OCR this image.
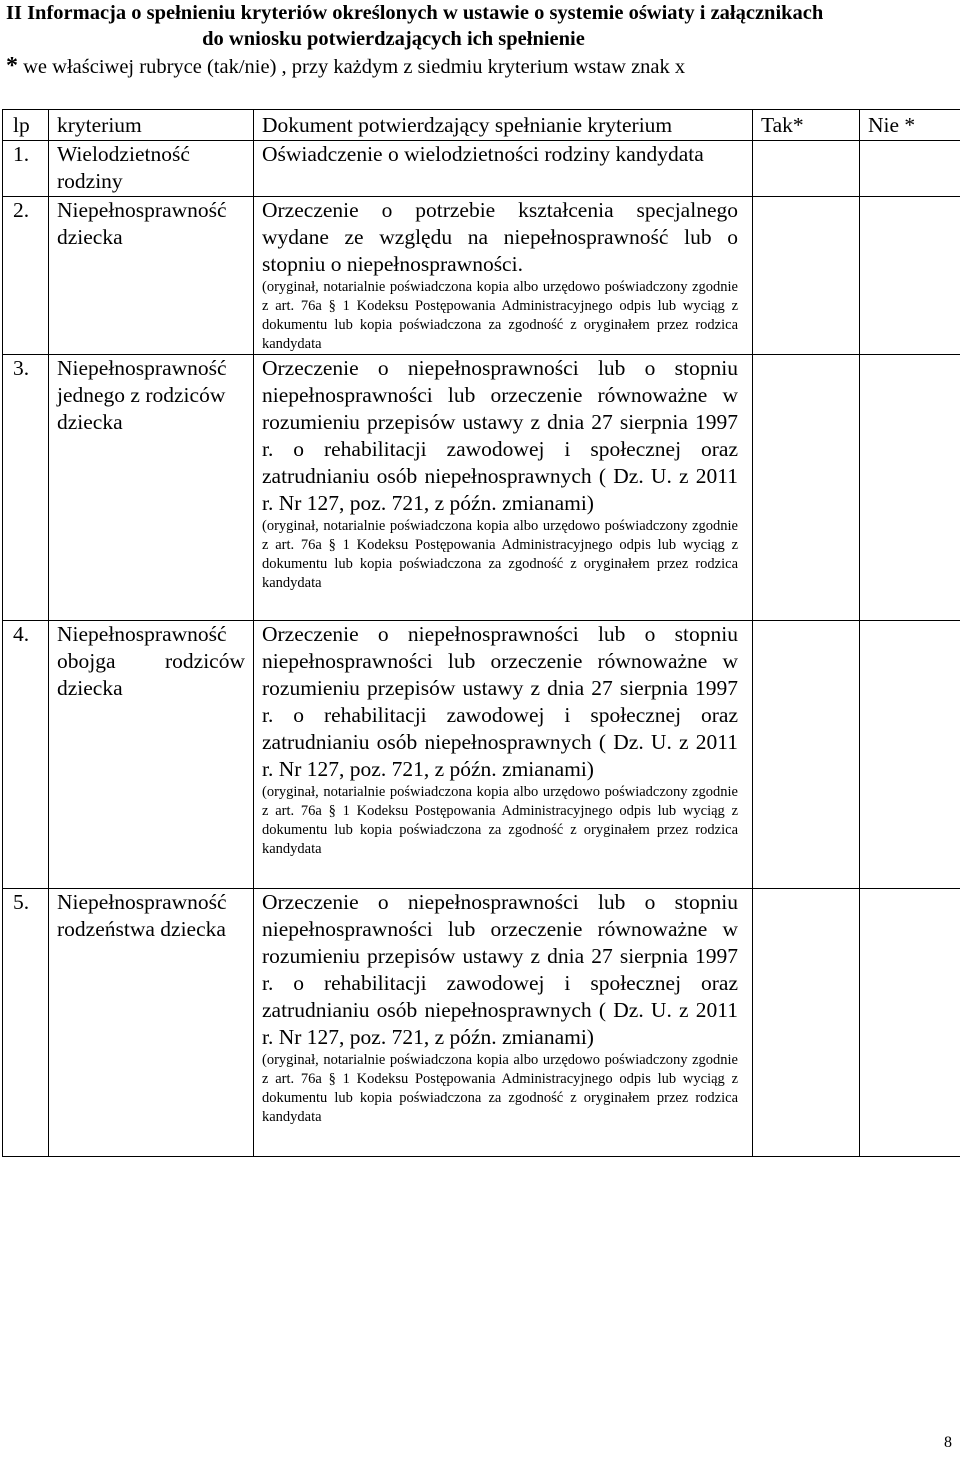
II Informacja o spełnieniu kryteriów określonych w ustawie o systemie oświaty i załącznikach
do wniosku potwierdzających ich spełnienie
* we właściwej rubryce (tak/nie) , przy każdym z siedmiu kryterium wstaw znak x
lp	kryterium	Dokument potwierdzający spełnianie kryterium	Tak*	Nie *
1.	Wielodzietność rodziny	Oświadczenie o wielodzietności rodziny kandydata		

2.	Niepełnosprawność dziecka	Orzeczenie o potrzebie kształcenia specjalnego wydane ze względu na niepełnosprawność lub o stopniu o niepełnosprawności.
(oryginał, notarialnie poświadczona kopia albo urzędowo poświadczony zgodnie z art. 76a § 1 Kodeksu Postępowania Administracyjnego odpis lub wyciąg z dokumentu lub kopia poświadczona za zgodność z oryginałem przez rodzica kandydata		

3.	Niepełnosprawność jednego z rodziców dziecka	Orzeczenie o niepełnosprawności lub o stopniu niepełnosprawności lub orzeczenie równoważne w rozumieniu przepisów ustawy z dnia 27 sierpnia 1997 r. o rehabilitacji zawodowej i społecznej oraz zatrudnianiu osób niepełnosprawnych ( Dz. U. z 2011 r. Nr 127, poz. 721, z późn. zmianami)
(oryginał, notarialnie poświadczona kopia albo urzędowo poświadczony zgodnie z art. 76a § 1 Kodeksu Postępowania Administracyjnego odpis lub wyciąg z dokumentu lub kopia poświadczona za zgodność z oryginałem przez rodzica kandydata		

4.	Niepełnosprawność obojga rodziców dziecka	Orzeczenie o niepełnosprawności lub o stopniu niepełnosprawności lub orzeczenie równoważne w rozumieniu przepisów ustawy z dnia 27 sierpnia 1997 r. o rehabilitacji zawodowej i społecznej oraz zatrudnianiu osób niepełnosprawnych ( Dz. U. z 2011 r. Nr 127, poz. 721, z późn. zmianami)
(oryginał, notarialnie poświadczona kopia albo urzędowo poświadczony zgodnie z art. 76a § 1 Kodeksu Postępowania Administracyjnego odpis lub wyciąg z dokumentu lub kopia poświadczona za zgodność z oryginałem przez rodzica kandydata		

5.	Niepełnosprawność rodzeństwa dziecka	Orzeczenie o niepełnosprawności lub o stopniu niepełnosprawności lub orzeczenie równoważne w rozumieniu przepisów ustawy z dnia 27 sierpnia 1997 r. o rehabilitacji zawodowej i społecznej oraz zatrudnianiu osób niepełnosprawnych ( Dz. U. z 2011 r. Nr 127, poz. 721, z późn. zmianami)
(oryginał, notarialnie poświadczona kopia albo urzędowo poświadczony zgodnie z art. 76a § 1 Kodeksu Postępowania Administracyjnego odpis lub wyciąg z dokumentu lub kopia poświadczona za zgodność z oryginałem przez rodzica kandydata		

8
